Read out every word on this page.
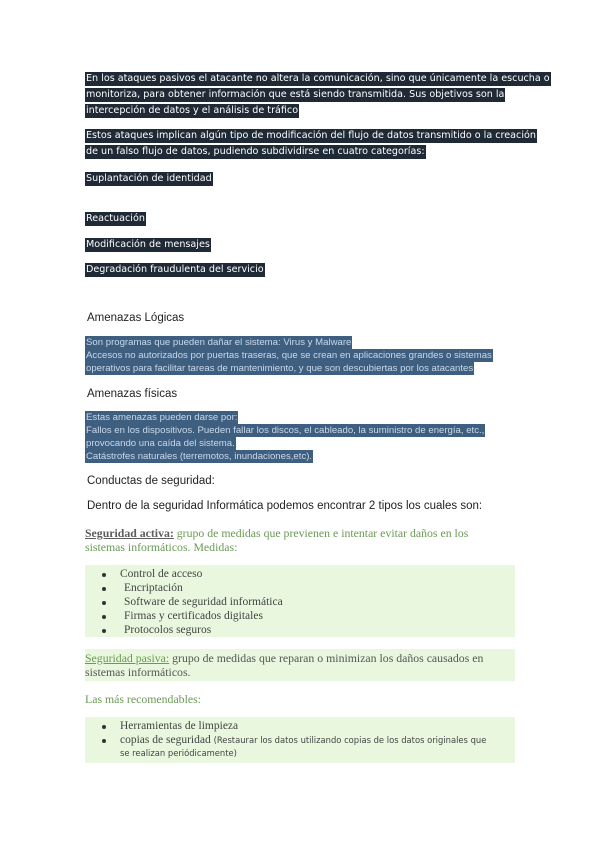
En los ataques pasivos el atacante no altera la comunicación, sino que únicamente la escucha o
monitoriza, para obtener información que está siendo transmitida. Sus objetivos son la
intercepción de datos y el análisis de tráfico
Estos ataques implican algún tipo de modificación del flujo de datos transmitido o la creación
de un falso flujo de datos, pudiendo subdividirse en cuatro categorías:
Suplantación de identidad
Reactuación
Modificación de mensajes
Degradación fraudulenta del servicio
Amenazas Lógicas
Son programas que pueden dañar el sistema: Virus y Malware
Accesos no autorizados por puertas traseras, que se crean en aplicaciones grandes o sistemas
operativos para facilitar tareas de mantenimiento, y que son descubiertas por los atacantes
Amenazas físicas
Estas amenazas pueden darse por:
Fallos en los dispositivos. Pueden fallar los discos, el cableado, la suministro de energía, etc.,
provocando una caída del sistema.
Catástrofes naturales (terremotos, inundaciones,etc).
Conductas de seguridad:
Dentro de la seguridad Informática podemos encontrar 2 tipos los cuales son:
Seguridad activa: grupo de medidas que previenen e intentar evitar daños en los
sistemas informáticos. Medidas:
Control de acceso
Encriptación
Software de seguridad informática
Firmas y certificados digitales
Protocolos seguros
Seguridad pasiva: grupo de medidas que reparan o minimizan los daños causados en
sistemas informáticos.
Las más recomendables:
Herramientas de limpieza
copias de seguridad (Restaurar los datos utilizando copias de los datos originales que
se realizan periódicamente)
